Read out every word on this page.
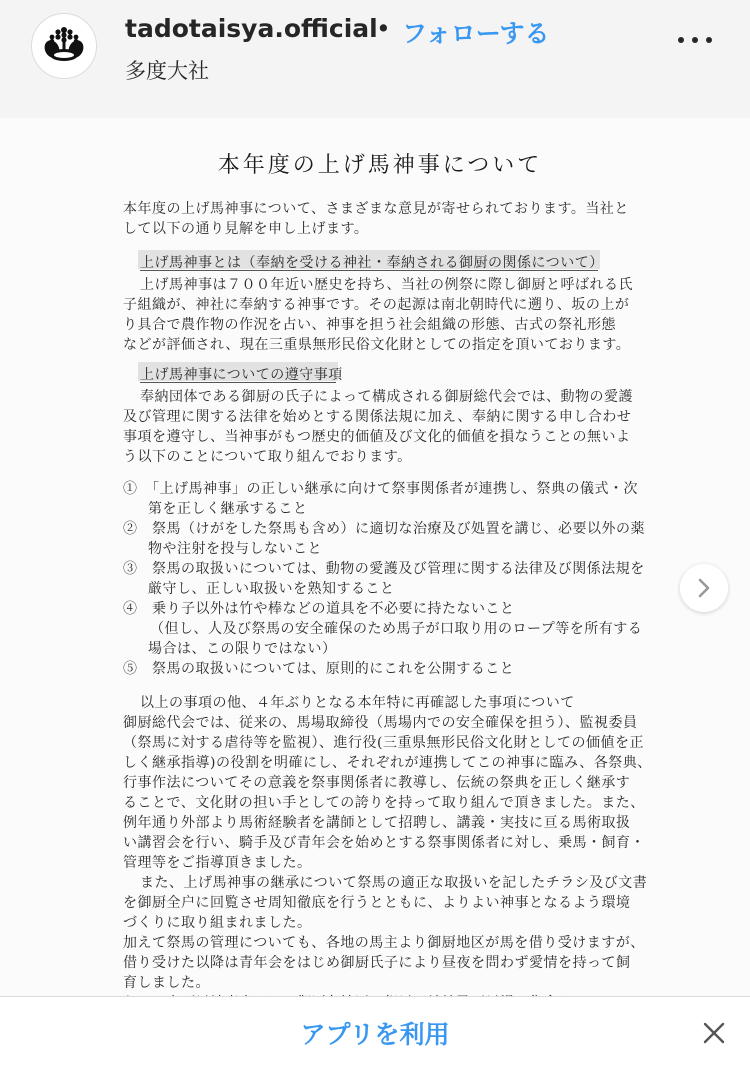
tadotaisya.official
• フォローする
多度大社
本年度の上げ馬神事について
本年度の上げ馬神事について、さまざまな意見が寄せられております。当社と
して以下の通り見解を申し上げます。
上げ馬神事とは（奉納を受ける神社・奉納される御厨の関係について）
上げ馬神事は７００年近い歴史を持ち、当社の例祭に際し御厨と呼ばれる氏
子組織が、神社に奉納する神事です。その起源は南北朝時代に遡り、坂の上が
り具合で農作物の作況を占い、神事を担う社会組織の形態、古式の祭礼形態
などが評価され、現在三重県無形民俗文化財としての指定を頂いております。
上げ馬神事についての遵守事項
奉納団体である御厨の氏子によって構成される御厨総代会では、動物の愛護
及び管理に関する法律を始めとする関係法規に加え、奉納に関する申し合わせ
事項を遵守し、当神事がもつ歴史的価値及び文化的価値を損なうことの無いよ
う以下のことについて取り組んでおります。
①　「上げ馬神事」の正しい継承に向けて祭事関係者が連携し、祭典の儀式・次
第を正しく継承すること
②　祭馬（けがをした祭馬も含め）に適切な治療及び処置を講じ、必要以外の薬
物や注射を投与しないこと
③　祭馬の取扱いについては、動物の愛護及び管理に関する法律及び関係法規を
厳守し、正しい取扱いを熟知すること
④　乗り子以外は竹や棒などの道具を不必要に持たないこと
（但し、人及び祭馬の安全確保のため馬子が口取り用のロープ等を所有する
場合は、この限りではない）
⑤　祭馬の取扱いについては、原則的にこれを公開すること
以上の事項の他、４年ぶりとなる本年特に再確認した事項について
御厨総代会では、従来の、馬場取締役（馬場内での安全確保を担う）、監視委員
（祭馬に対する虐待等を監視）、進行役(三重県無形民俗文化財としての価値を正
しく継承指導)の役割を明確にし、それぞれが連携してこの神事に臨み、各祭典、
行事作法についてその意義を祭事関係者に教導し、伝統の祭典を正しく継承す
ることで、文化財の担い手としての誇りを持って取り組んで頂きました。また、
例年通り外部より馬術経験者を講師として招聘し、講義・実技に亘る馬術取扱
い講習会を行い、騎手及び青年会を始めとする祭事関係者に対し、乗馬・飼育・
管理等をご指導頂きました。
また、上げ馬神事の継承について祭馬の適正な取扱いを記したチラシ及び文書
を御厨全户に回覧させ周知徹底を行うとともに、よりよい神事となるよう環境
づくりに取り組まれました。
加えて祭馬の管理についても、各地の馬主より御厨地区が馬を借り受けますが、
借り受けた以降は青年会をはじめ御厨氏子により昼夜を問わず愛情を持って飼
育しました。
アプリを利用
